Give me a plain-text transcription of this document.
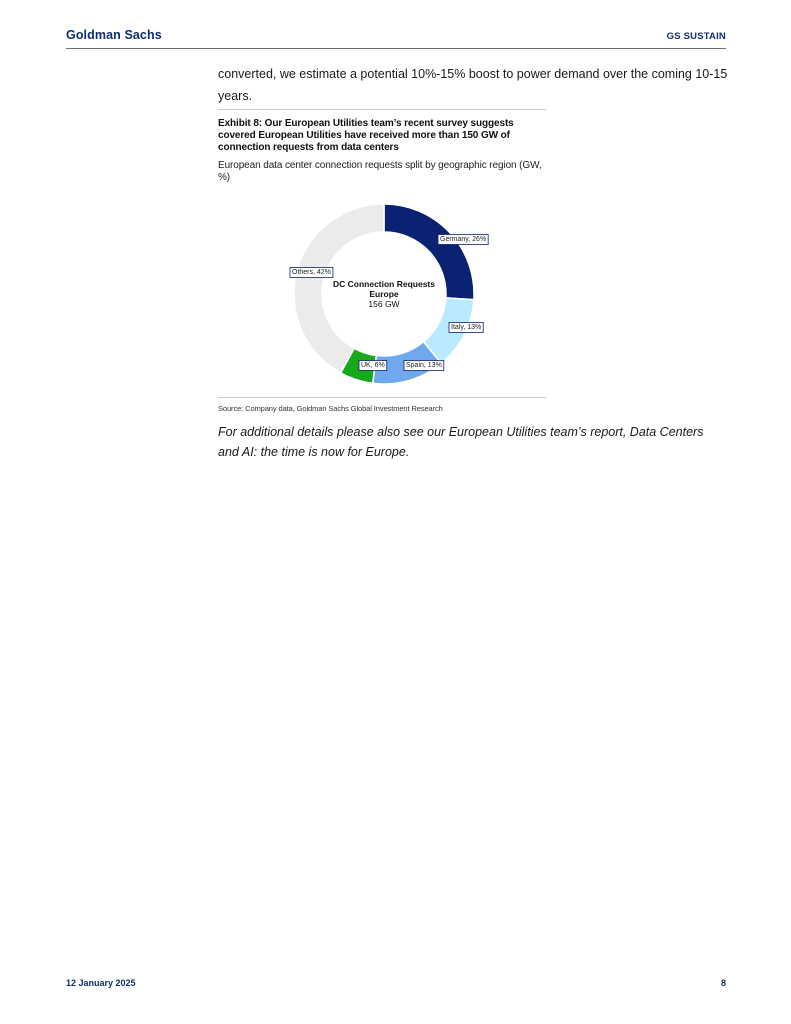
Goldman Sachs	GS SUSTAIN
converted, we estimate a potential 10%-15% boost to power demand over the coming 10-15 years.
Exhibit 8: Our European Utilities team’s recent survey suggests covered European Utilities have received more than 150 GW of connection requests from data centers
European data center connection requests split by geographic region (GW, %)
DC Connection Requests
Europe
156 GW
Germany, 26%
Italy, 13%
Spain, 13%
UK, 6%
Others, 42%
Source: Company data, Goldman Sachs Global Investment Research
For additional details please also see our European Utilities team’s report, Data Centers and AI: the time is now for Europe.
12 January 2025	8
